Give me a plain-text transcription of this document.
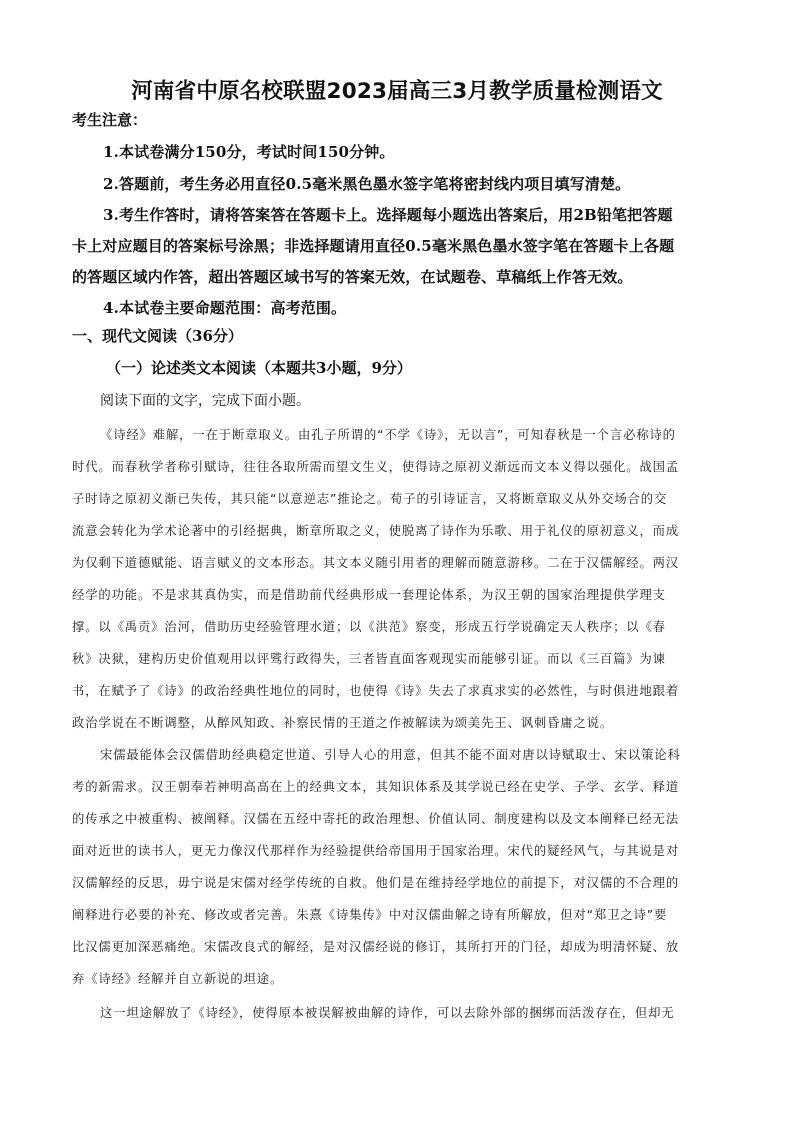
河南省中原名校联盟2023届高三3月教学质量检测语文
考生注意：
1.本试卷满分150分，考试时间150分钟。
2.答题前，考生务必用直径0.5毫米黑色墨水签字笔将密封线内项目填写清楚。
3.考生作答时，请将答案答在答题卡上。选择题每小题选出答案后，用2B铅笔把答题
卡上对应题目的答案标号涂黑；非选择题请用直径0.5毫米黑色墨水签字笔在答题卡上各题
的答题区域内作答，超出答题区域书写的答案无效，在试题卷、草稿纸上作答无效。
4.本试卷主要命题范围：高考范围。
一、现代文阅读（36分）
（一）论述类文本阅读（本题共3小题，9分）
阅读下面的文字，完成下面小题。
《诗经》难解，一在于断章取义。由孔子所谓的“不学《诗》，无以言”，可知春秋是一个言必称诗的
时代。而春秋学者称引赋诗，往往各取所需而望文生义，使得诗之原初义渐远而文本义得以强化。战国孟
子时诗之原初义渐已失传，其只能“以意逆志”推论之。荀子的引诗证言，又将断章取义从外交场合的交
流意会转化为学术论著中的引经据典，断章所取之义，使脱离了诗作为乐歌、用于礼仪的原初意义，而成
为仅剩下道德赋能、语言赋义的文本形态。其文本义随引用者的理解而随意游移。二在于汉儒解经。两汉
经学的功能。不是求其真伪实，而是借助前代经典形成一套理论体系，为汉王朝的国家治理提供学理支
撑。以《禹贡》治河，借助历史经验管理水道；以《洪范》察变，形成五行学说确定天人秩序；以《春
秋》决狱，建构历史价值观用以评骘行政得失，三者皆直面客观现实而能够引证。而以《三百篇》为谏
书，在赋予了《诗》的政治经典性地位的同时，也使得《诗》失去了求真求实的必然性，与时俱进地跟着
政治学说在不断调整，从醉风知政、补察民情的王道之作被解读为颂美先王、讽刺昏庸之说。
宋儒最能体会汉儒借助经典稳定世道、引导人心的用意，但其不能不面对唐以诗赋取士、宋以策论科
考的新需求。汉王朝奉若神明高高在上的经典文本，其知识体系及其学说已经在史学、子学、玄学、释道
的传承之中被重构、被阐释。汉儒在五经中寄托的政治理想、价值认同、制度建构以及文本阐释已经无法
面对近世的读书人，更无力像汉代那样作为经验提供给帝国用于国家治理。宋代的疑经风气，与其说是对
汉儒解经的反思，毋宁说是宋儒对经学传统的自救。他们是在维持经学地位的前提下，对汉儒的不合理的
阐释进行必要的补充、修改或者完善。朱熹《诗集传》中对汉儒曲解之诗有所解放，但对“郑卫之诗”要
比汉儒更加深恶痛绝。宋儒改良式的解经，是对汉儒经说的修订，其所打开的门径，却成为明清怀疑、放
弃《诗经》经解并自立新说的坦途。
这一坦途解放了《诗经》，使得原本被误解被曲解的诗作，可以去除外部的捆绑而活泼存在，但却无
